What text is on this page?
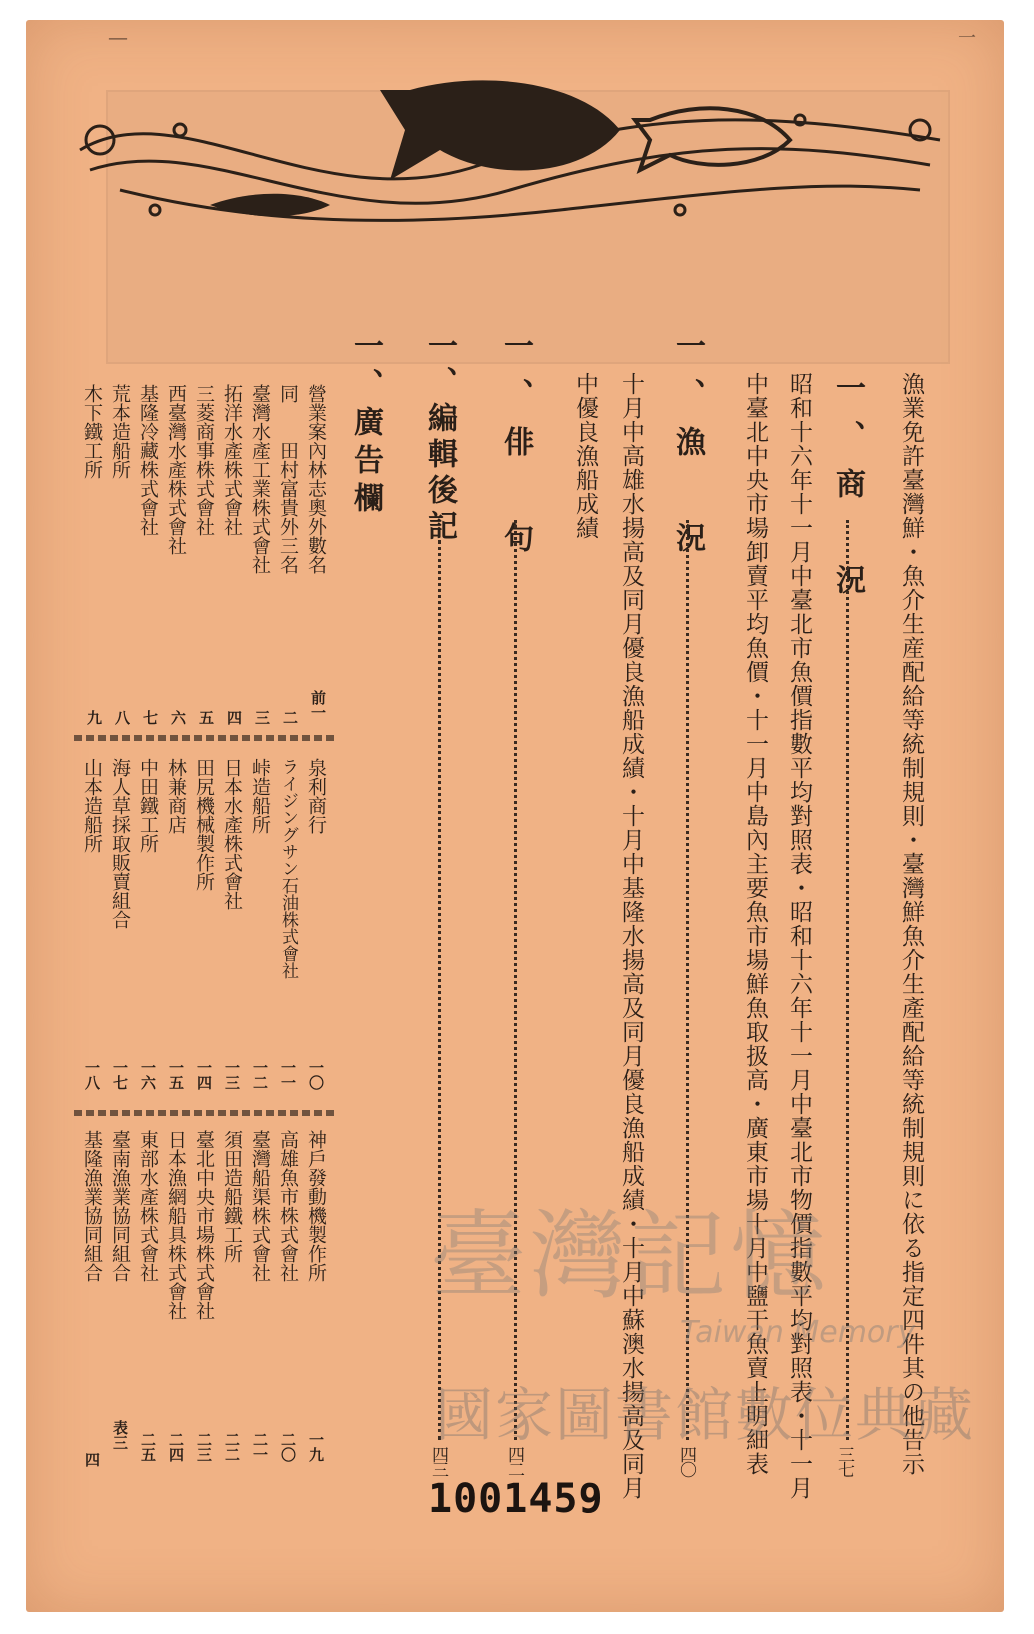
—	一
一、商　況
三七 漁業免許臺灣鮮・魚介生産配給等統制規則・臺灣鮮魚介生產配給等統制規則に依る指定四件其の他告示
昭和十六年十一月中臺北市魚價指數平均對照表・昭和十六年十一月中臺北市物價指數平均對照表・十一月
中臺北中央市場卸賣平均魚價・十一月中島內主要魚市場鮮魚取扱高・廣東市場十月中鹽干魚賣上明細表
一、漁　況
四〇
十月中高雄水揚高及同月優良漁船成績・十月中基隆水揚高及同月優良漁船成績・十月中蘇澳水揚高及同月
中優良漁船成績
一、俳　句
四二
一、編輯後記
四三
一、廣告欄
營業案內林志奧外數名
同　　田村富貴外三名
臺灣水產工業株式會社
拓洋水產株式會社
三菱商事株式會社
西臺灣水產株式會社
基隆冷藏株式會社
荒本造船所
木下鐵工所
前一
二
三
四
五
六
七
八
九
泉利商行
ライジングサン石油株式會社
峠造船所
日本水產株式會社
田尻機械製作所
林兼商店
中田鐵工所
海人草採取販賣組合
山本造船所
一〇
一一
一二
一三
一四
一五
一六
一七
一八
神戶發動機製作所
高雄魚市株式會社
臺灣船渠株式會社
須田造船鐵工所
臺北中央市場株式會社
日本漁網船具株式會社
東部水產株式會社
臺南漁業協同組合
基隆漁業協同組合
一九
二〇
二一
二二
二三
二四
二五
表三
四
1001459
臺灣記憶
Taiwan Memory
國家圖書館數位典藏
